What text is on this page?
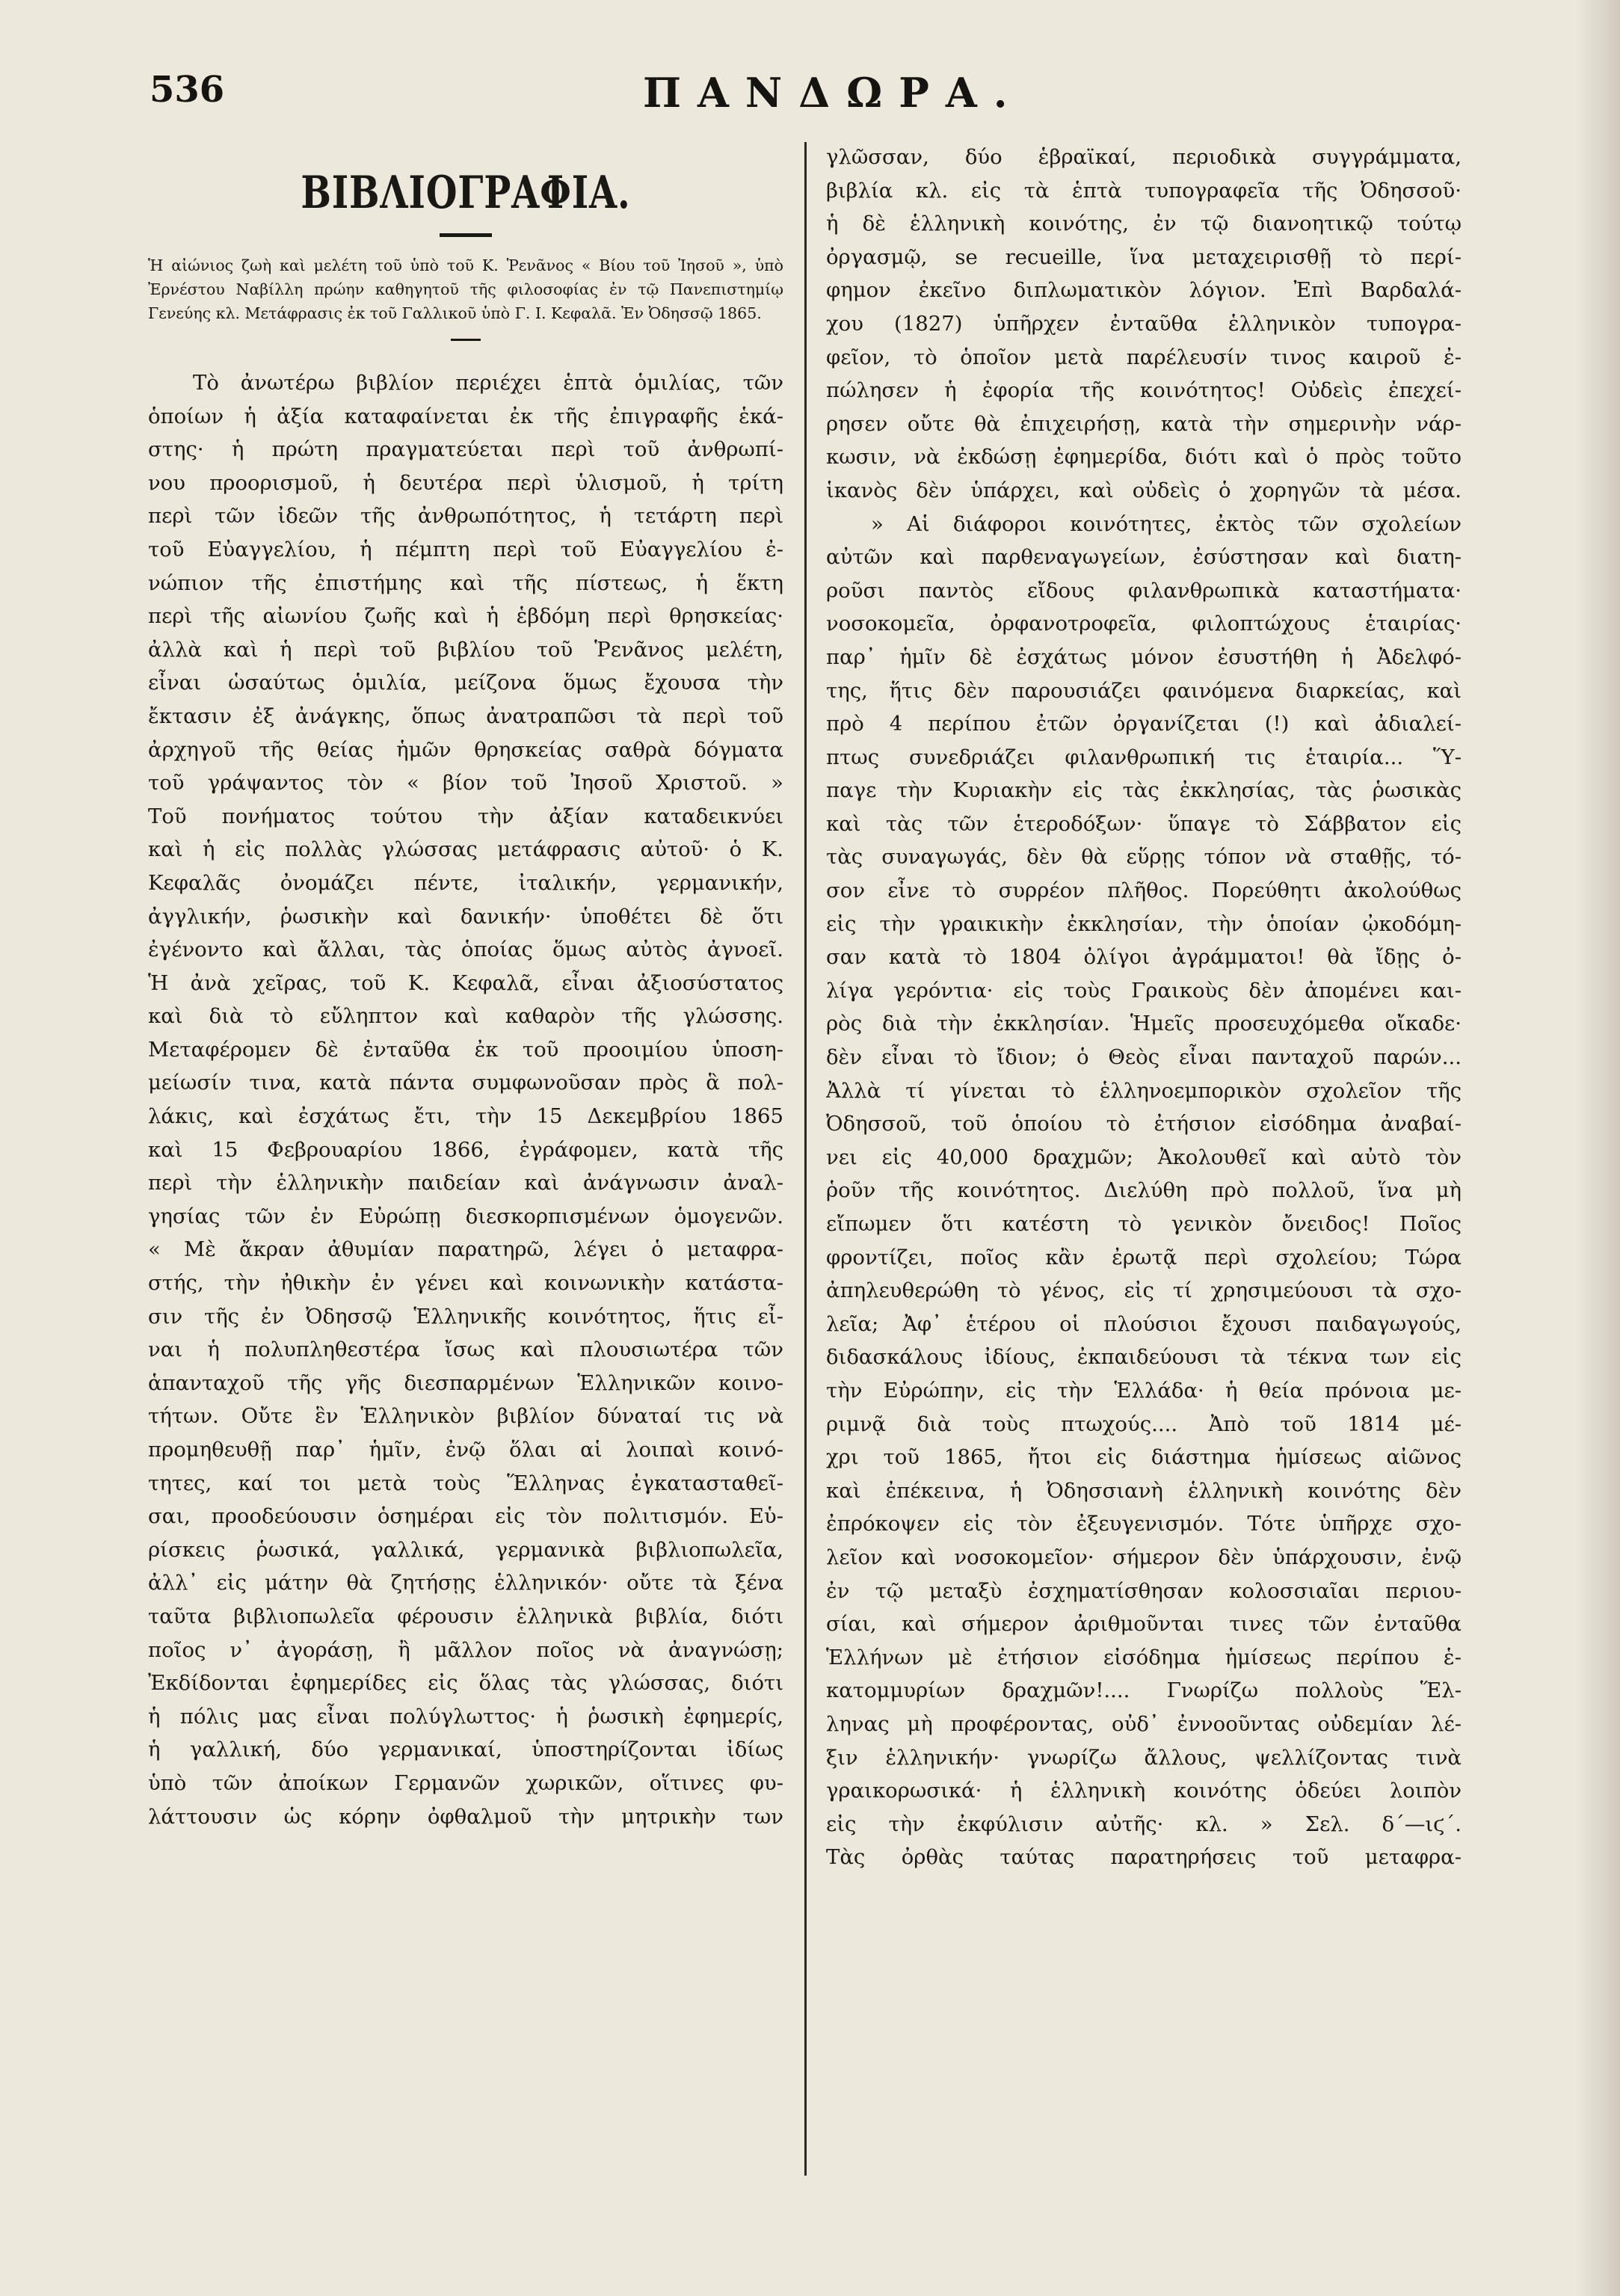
536	ΠΑΝΔΩΡΑ.
ΒΙΒΛΙΟΓΡΑΦΙΑ.

Ἡ αἰώνιος ζωὴ καὶ μελέτη τοῦ ὑπὸ τοῦ Κ. Ῥενᾶνος « Βίου τοῦ Ἰησοῦ », ὑπὸ Ἐρνέστου Ναβίλλη πρώην καθηγητοῦ τῆς φιλοσοφίας ἐν τῷ Πανεπιστημίῳ Γενεύης κλ. Μετάφρασις ἐκ τοῦ Γαλλικοῦ ὑπὸ Γ. Ι. Κεφαλᾶ. Ἐν Ὀδησσῷ 1865.

Τὸ ἀνωτέρω βιβλίον περιέχει ἑπτὰ ὁμιλίας, τῶν
ὁποίων ἡ ἀξία καταφαίνεται ἐκ τῆς ἐπιγραφῆς ἑκά-
στης· ἡ πρώτη πραγματεύεται περὶ τοῦ ἀνθρωπί-
νου προορισμοῦ, ἡ δευτέρα περὶ ὑλισμοῦ, ἡ τρίτη
περὶ τῶν ἰδεῶν τῆς ἀνθρωπότητος, ἡ τετάρτη περὶ
τοῦ Εὐαγγελίου, ἡ πέμπτη περὶ τοῦ Εὐαγγελίου ἐ-
νώπιον τῆς ἐπιστήμης καὶ τῆς πίστεως, ἡ ἕκτη
περὶ τῆς αἰωνίου ζωῆς καὶ ἡ ἑβδόμη περὶ θρησκείας·
ἀλλὰ καὶ ἡ περὶ τοῦ βιβλίου τοῦ Ῥενᾶνος μελέτη,
εἶναι ὡσαύτως ὁμιλία, μείζονα ὅμως ἔχουσα τὴν
ἔκτασιν ἐξ ἀνάγκης, ὅπως ἀνατραπῶσι τὰ περὶ τοῦ
ἀρχηγοῦ τῆς θείας ἡμῶν θρησκείας σαθρὰ δόγματα
τοῦ γράψαντος τὸν « βίον τοῦ Ἰησοῦ Χριστοῦ. »
Τοῦ πονήματος τούτου τὴν ἀξίαν καταδεικνύει
καὶ ἡ εἰς πολλὰς γλώσσας μετάφρασις αὐτοῦ· ὁ Κ.
Κεφαλᾶς ὀνομάζει πέντε, ἰταλικήν, γερμανικήν,
ἀγγλικήν, ῥωσικὴν καὶ δανικήν· ὑποθέτει δὲ ὅτι
ἐγένοντο καὶ ἄλλαι, τὰς ὁποίας ὅμως αὐτὸς ἀγνοεῖ.
Ἡ ἀνὰ χεῖρας, τοῦ Κ. Κεφαλᾶ, εἶναι ἀξιοσύστατος
καὶ διὰ τὸ εὔληπτον καὶ καθαρὸν τῆς γλώσσης.
Μεταφέρομεν δὲ ἐνταῦθα ἐκ τοῦ προοιμίου ὑποση-
μείωσίν τινα, κατὰ πάντα συμφωνοῦσαν πρὸς ἃ πολ-
λάκις, καὶ ἐσχάτως ἔτι, τὴν 15 Δεκεμβρίου 1865
καὶ 15 Φεβρουαρίου 1866, ἐγράφομεν, κατὰ τῆς
περὶ τὴν ἑλληνικὴν παιδείαν καὶ ἀνάγνωσιν ἀναλ-
γησίας τῶν ἐν Εὐρώπῃ διεσκορπισμένων ὁμογενῶν.
« Μὲ ἄκραν ἀθυμίαν παρατηρῶ, λέγει ὁ μεταφρα-
στής, τὴν ἠθικὴν ἐν γένει καὶ κοινωνικὴν κατάστα-
σιν τῆς ἐν Ὀδησσῷ Ἑλληνικῆς κοινότητος, ἥτις εἶ-
ναι ἡ πολυπληθεστέρα ἴσως καὶ πλουσιωτέρα τῶν
ἁπανταχοῦ τῆς γῆς διεσπαρμένων Ἑλληνικῶν κοινο-
τήτων. Οὔτε ἓν Ἑλληνικὸν βιβλίον δύναταί τις νὰ
προμηθευθῇ παρ᾽ ἡμῖν, ἐνῷ ὅλαι αἱ λοιπαὶ κοινό-
τητες, καί τοι μετὰ τοὺς Ἕλληνας ἐγκατασταθεῖ-
σαι, προοδεύουσιν ὁσημέραι εἰς τὸν πολιτισμόν. Εὑ-
ρίσκεις ῥωσικά, γαλλικά, γερμανικὰ βιβλιοπωλεῖα,
ἀλλ᾽ εἰς μάτην θὰ ζητήσῃς ἑλληνικόν· οὔτε τὰ ξένα
ταῦτα βιβλιοπωλεῖα φέρουσιν ἑλληνικὰ βιβλία, διότι
ποῖος ν᾽ ἀγοράσῃ, ἢ μᾶλλον ποῖος νὰ ἀναγνώσῃ;
Ἐκδίδονται ἐφημερίδες εἰς ὅλας τὰς γλώσσας, διότι
ἡ πόλις μας εἶναι πολύγλωττος· ἡ ῥωσικὴ ἐφημερίς,
ἡ γαλλική, δύο γερμανικαί, ὑποστηρίζονται ἰδίως
ὑπὸ τῶν ἀποίκων Γερμανῶν χωρικῶν, οἵτινες φυ-
λάττουσιν ὡς κόρην ὀφθαλμοῦ τὴν μητρικὴν των
γλῶσσαν, δύο ἑβραϊκαί, περιοδικὰ συγγράμματα,
βιβλία κλ. εἰς τὰ ἑπτὰ τυπογραφεῖα τῆς Ὀδησσοῦ·
ἡ δὲ ἑλληνικὴ κοινότης, ἐν τῷ διανοητικῷ τούτῳ
ὀργασμῷ, se recueille, ἵνα μεταχειρισθῇ τὸ περί-
φημον ἐκεῖνο διπλωματικὸν λόγιον. Ἐπὶ Βαρδαλά-
χου (1827) ὑπῆρχεν ἐνταῦθα ἑλληνικὸν τυπογρα-
φεῖον, τὸ ὁποῖον μετὰ παρέλευσίν τινος καιροῦ ἐ-
πώλησεν ἡ ἐφορία τῆς κοινότητος! Οὐδεὶς ἐπεχεί-
ρησεν οὔτε θὰ ἐπιχειρήσῃ, κατὰ τὴν σημερινὴν νάρ-
κωσιν, νὰ ἐκδώσῃ ἐφημερίδα, διότι καὶ ὁ πρὸς τοῦτο
ἱκανὸς δὲν ὑπάρχει, καὶ οὐδεὶς ὁ χορηγῶν τὰ μέσα.
» Αἱ διάφοροι κοινότητες, ἐκτὸς τῶν σχολείων
αὐτῶν καὶ παρθεναγωγείων, ἐσύστησαν καὶ διατη-
ροῦσι παντὸς εἴδους φιλανθρωπικὰ καταστήματα·
νοσοκομεῖα, ὀρφανοτροφεῖα, φιλοπτώχους ἑταιρίας·
παρ᾽ ἡμῖν δὲ ἐσχάτως μόνον ἐσυστήθη ἡ Ἀδελφό-
της, ἥτις δὲν παρουσιάζει φαινόμενα διαρκείας, καὶ
πρὸ 4 περίπου ἐτῶν ὀργανίζεται (!) καὶ ἀδιαλεί-
πτως συνεδριάζει φιλανθρωπική τις ἑταιρία... Ὕ-
παγε τὴν Κυριακὴν εἰς τὰς ἐκκλησίας, τὰς ῥωσικὰς
καὶ τὰς τῶν ἑτεροδόξων· ὕπαγε τὸ Σάββατον εἰς
τὰς συναγωγάς, δὲν θὰ εὕρῃς τόπον νὰ σταθῇς, τό-
σον εἶνε τὸ συρρέον πλῆθος. Πορεύθητι ἀκολούθως
εἰς τὴν γραικικὴν ἐκκλησίαν, τὴν ὁποίαν ᾠκοδόμη-
σαν κατὰ τὸ 1804 ὀλίγοι ἀγράμματοι! θὰ ἴδῃς ὀ-
λίγα γερόντια· εἰς τοὺς Γραικοὺς δὲν ἀπομένει και-
ρὸς διὰ τὴν ἐκκλησίαν. Ἡμεῖς προσευχόμεθα οἴκαδε·
δὲν εἶναι τὸ ἴδιον; ὁ Θεὸς εἶναι πανταχοῦ παρών...
Ἀλλὰ τί γίνεται τὸ ἑλληνοεμπορικὸν σχολεῖον τῆς
Ὀδησσοῦ, τοῦ ὁποίου τὸ ἐτήσιον εἰσόδημα ἀναβαί-
νει εἰς 40,000 δραχμῶν; Ἀκολουθεῖ καὶ αὐτὸ τὸν
ῥοῦν τῆς κοινότητος. Διελύθη πρὸ πολλοῦ, ἵνα μὴ
εἴπωμεν ὅτι κατέστη τὸ γενικὸν ὄνειδος! Ποῖος
φροντίζει, ποῖος κἂν ἐρωτᾷ περὶ σχολείου; Τώρα
ἀπηλευθερώθη τὸ γένος, εἰς τί χρησιμεύουσι τὰ σχο-
λεῖα; Ἀφ᾽ ἑτέρου οἱ πλούσιοι ἔχουσι παιδαγωγούς,
διδασκάλους ἰδίους, ἐκπαιδεύουσι τὰ τέκνα των εἰς
τὴν Εὐρώπην, εἰς τὴν Ἑλλάδα· ἡ θεία πρόνοια με-
ριμνᾷ διὰ τοὺς πτωχούς.... Ἀπὸ τοῦ 1814 μέ-
χρι τοῦ 1865, ἤτοι εἰς διάστημα ἡμίσεως αἰῶνος
καὶ ἐπέκεινα, ἡ Ὀδησσιανὴ ἑλληνικὴ κοινότης δὲν
ἐπρόκοψεν εἰς τὸν ἐξευγενισμόν. Τότε ὑπῆρχε σχο-
λεῖον καὶ νοσοκομεῖον· σήμερον δὲν ὑπάρχουσιν, ἐνῷ
ἐν τῷ μεταξὺ ἐσχηματίσθησαν κολοσσιαῖαι περιου-
σίαι, καὶ σήμερον ἀριθμοῦνται τινες τῶν ἐνταῦθα
Ἑλλήνων μὲ ἐτήσιον εἰσόδημα ἡμίσεως περίπου ἑ-
κατομμυρίων δραχμῶν!.... Γνωρίζω πολλοὺς Ἕλ-
ληνας μὴ προφέροντας, οὐδ᾽ ἐννοοῦντας οὐδεμίαν λέ-
ξιν ἑλληνικήν· γνωρίζω ἄλλους, ψελλίζοντας τινὰ
γραικορωσικά· ἡ ἑλληνικὴ κοινότης ὁδεύει λοιπὸν
εἰς τὴν ἐκφύλισιν αὐτῆς· κλ. » Σελ. δ´—ιϛ´.
Τὰς ὀρθὰς ταύτας παρατηρήσεις τοῦ μεταφρα-
